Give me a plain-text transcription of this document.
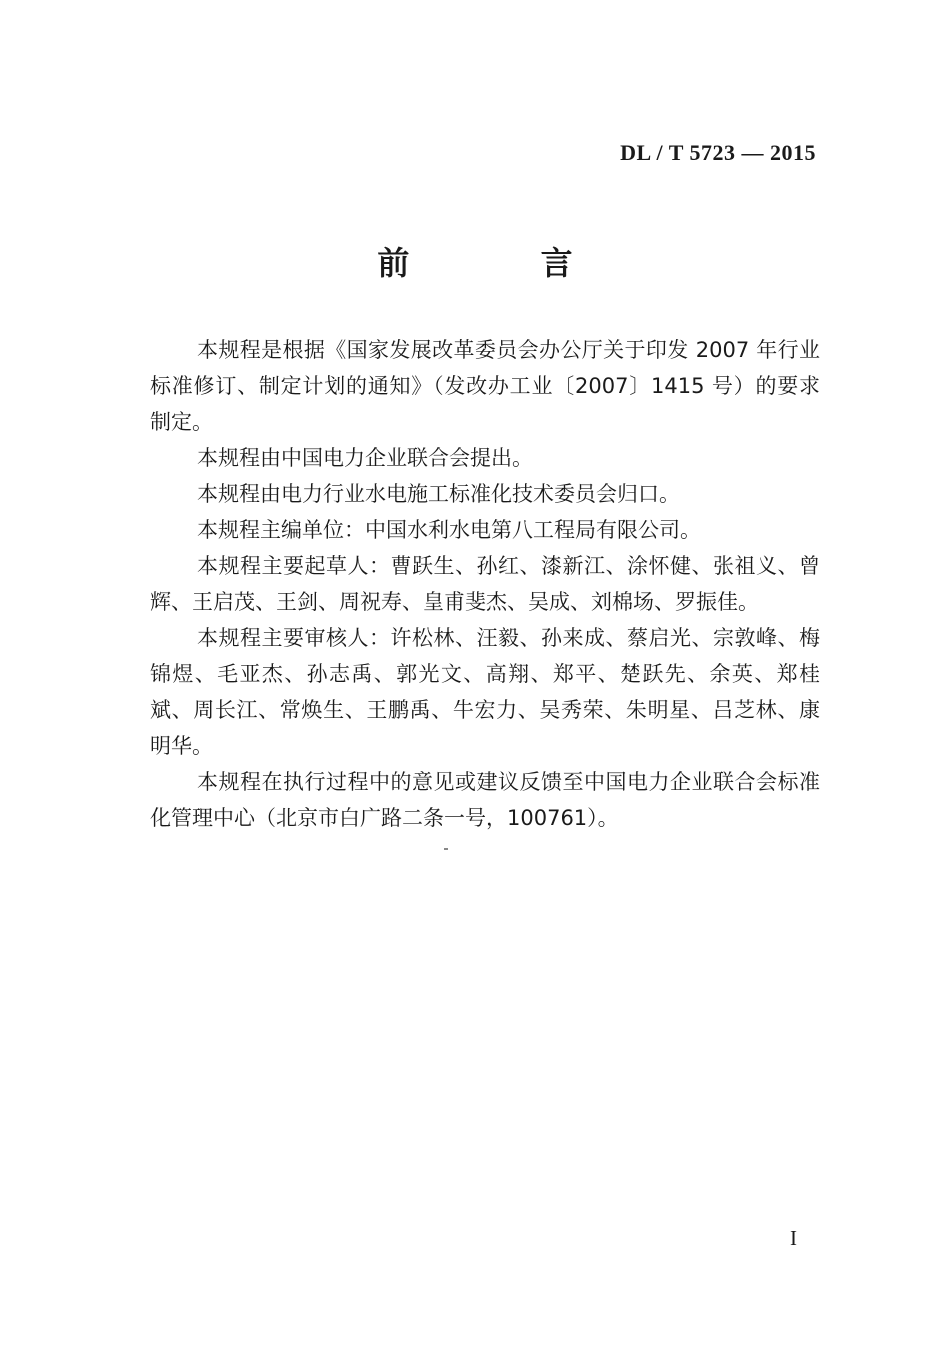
DL / T 5723 — 2015
前 言

本规程是根据《国家发展改革委员会办公厅关于印发 2007 年行业标准修订、制定计划的通知》（发改办工业〔2007〕1415 号）的要求制定。

本规程由中国电力企业联合会提出。

本规程由电力行业水电施工标准化技术委员会归口。

本规程主编单位：中国水利水电第八工程局有限公司。

本规程主要起草人：曹跃生、孙红、漆新江、涂怀健、张祖义、曾辉、王启茂、王剑、周祝寿、皇甫斐杰、吴成、刘棉场、罗振佳。

本规程主要审核人：许松林、汪毅、孙来成、蔡启光、宗敦峰、梅锦煜、毛亚杰、孙志禹、郭光文、高翔、郑平、楚跃先、余英、郑桂斌、周长江、常焕生、王鹏禹、牛宏力、吴秀荣、朱明星、吕芝林、康明华。

本规程在执行过程中的意见或建议反馈至中国电力企业联合会标准化管理中心（北京市白广路二条一号，100761）。

I
